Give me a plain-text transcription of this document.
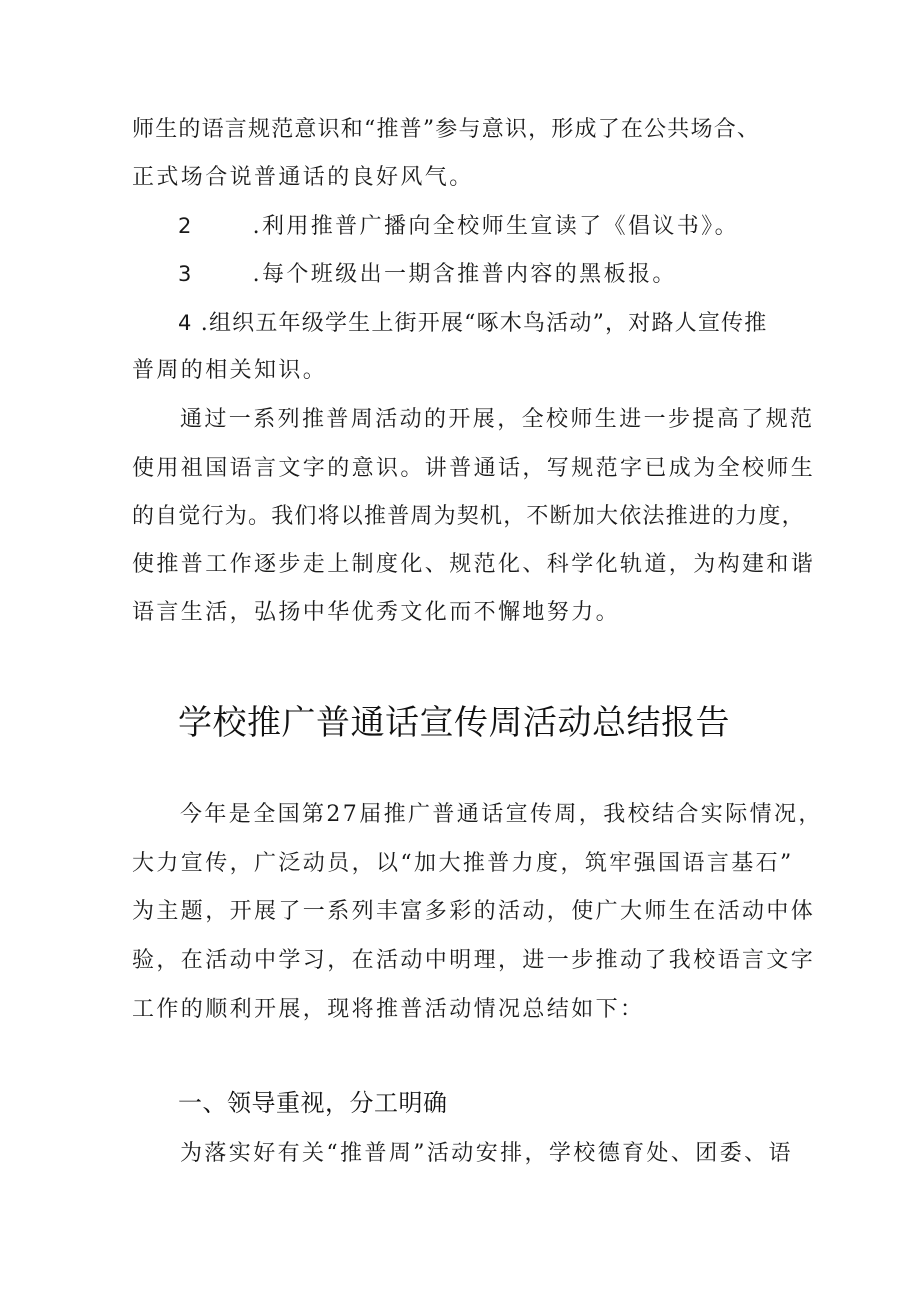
师生的语言规范意识和“推普”参与意识，形成了在公共场合、
正式场合说普通话的良好风气。
2	.利用推普广播向全校师生宣读了《倡议书》。
3	.每个班级出一期含推普内容的黑板报。
4 .组织五年级学生上街开展“啄木鸟活动”，对路人宣传推
普周的相关知识。
通过一系列推普周活动的开展，全校师生进一步提高了规范
使用祖国语言文字的意识。讲普通话，写规范字已成为全校师生
的自觉行为。我们将以推普周为契机，不断加大依法推进的力度，
使推普工作逐步走上制度化、规范化、科学化轨道，为构建和谐
语言生活，弘扬中华优秀文化而不懈地努力。
学校推广普通话宣传周活动总结报告
今年是全国第27届推广普通话宣传周，我校结合实际情况，
大力宣传，广泛动员，以“加大推普力度，筑牢强国语言基石”
为主题，开展了一系列丰富多彩的活动，使广大师生在活动中体
验，在活动中学习，在活动中明理，进一步推动了我校语言文字
工作的顺利开展，现将推普活动情况总结如下：
一、领导重视，分工明确
为落实好有关“推普周”活动安排，学校德育处、团委、语
